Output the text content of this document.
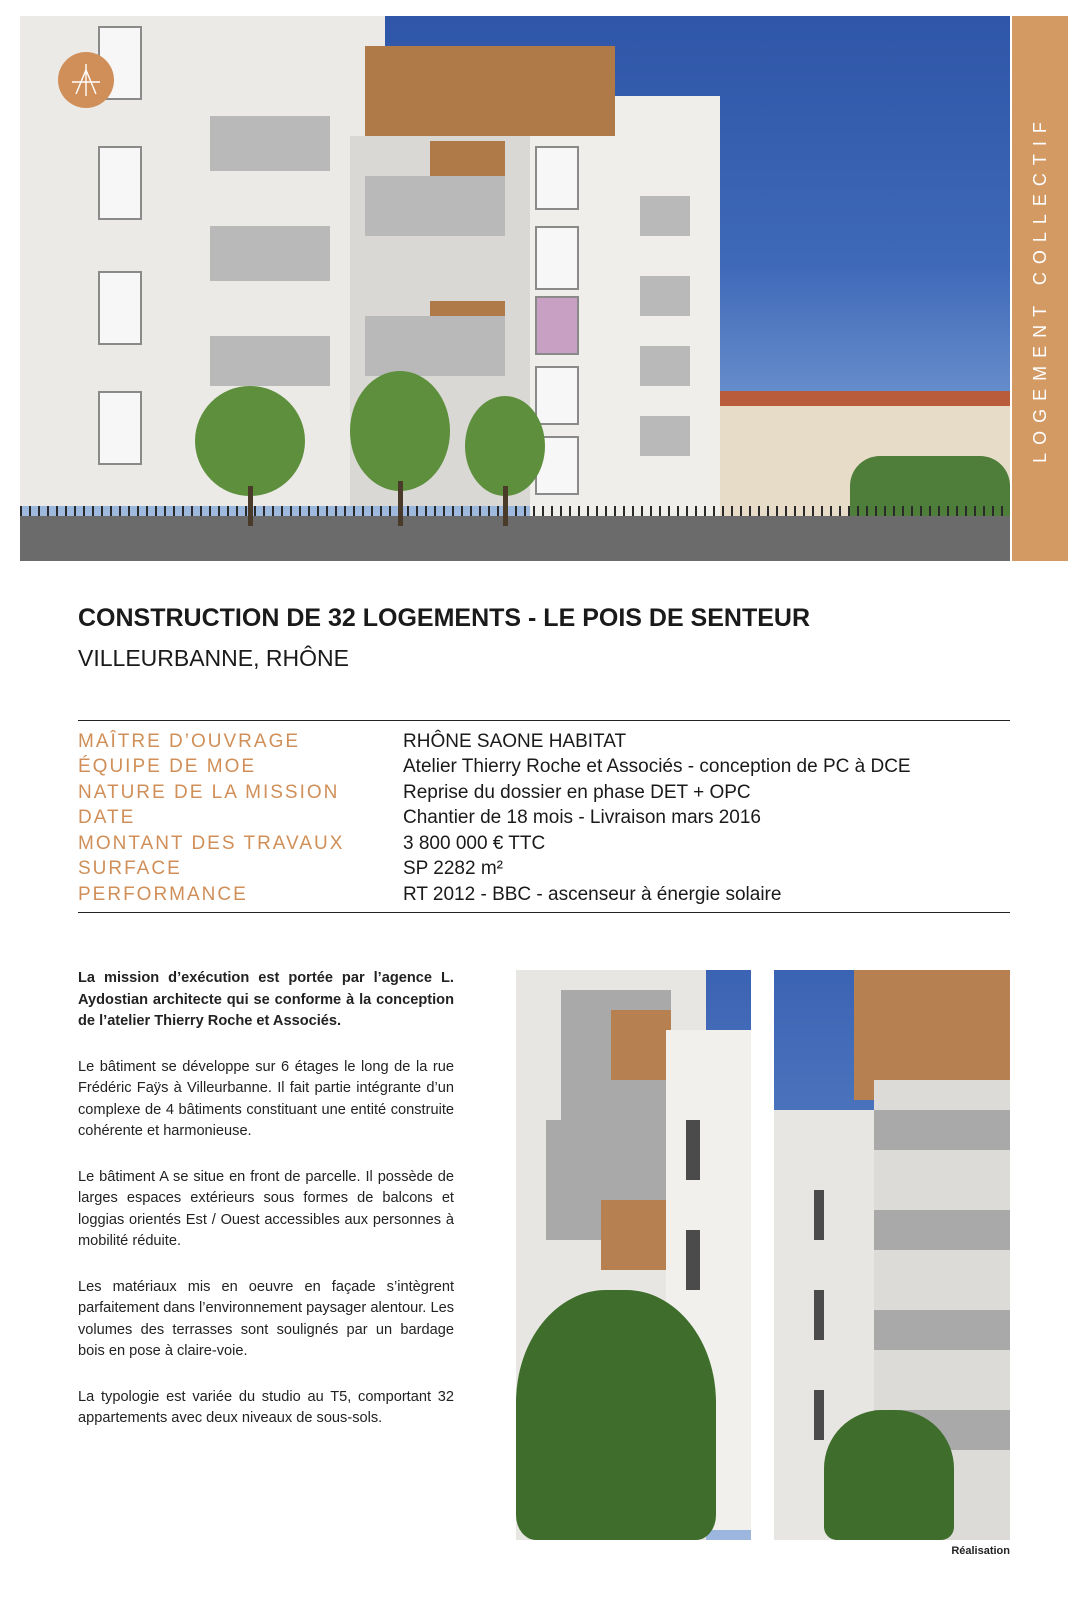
LOGEMENT COLLECTIF
CONSTRUCTION DE 32 LOGEMENTS - LE POIS DE SENTEUR
VILLEURBANNE, RHÔNE
MAÎTRE D’OUVRAGE	RHÔNE SAONE HABITAT
ÉQUIPE DE MOE	Atelier Thierry Roche et Associés - conception de PC à DCE
NATURE DE LA MISSION	Reprise du dossier en phase DET + OPC
DATE	Chantier de 18 mois - Livraison mars 2016
MONTANT DES TRAVAUX	3 800 000 € TTC
SURFACE	SP 2282 m²
PERFORMANCE	RT 2012 - BBC - ascenseur à énergie solaire

La mission d’exécution est portée par l’agence L. Aydostian architecte qui se conforme à la conception de l’atelier Thierry Roche et Associés.

Le bâtiment se développe sur 6 étages le long de la rue Frédéric Faÿs à Villeurbanne. Il fait partie intégrante d’un complexe de 4 bâtiments constituant une entité construite cohérente et harmonieuse.

Le bâtiment A se situe en front de parcelle. Il possède de larges espaces extérieurs sous formes de balcons et loggias orientés Est / Ouest accessibles aux personnes à mobilité réduite.

Les matériaux mis en oeuvre en façade s’intègrent parfaitement dans l’environnement paysager alentour. Les volumes des terrasses sont soulignés par un bardage bois en pose à claire-voie.

La typologie est variée du studio au T5, comportant 32 appartements avec deux niveaux de sous-sols.

Réalisation
